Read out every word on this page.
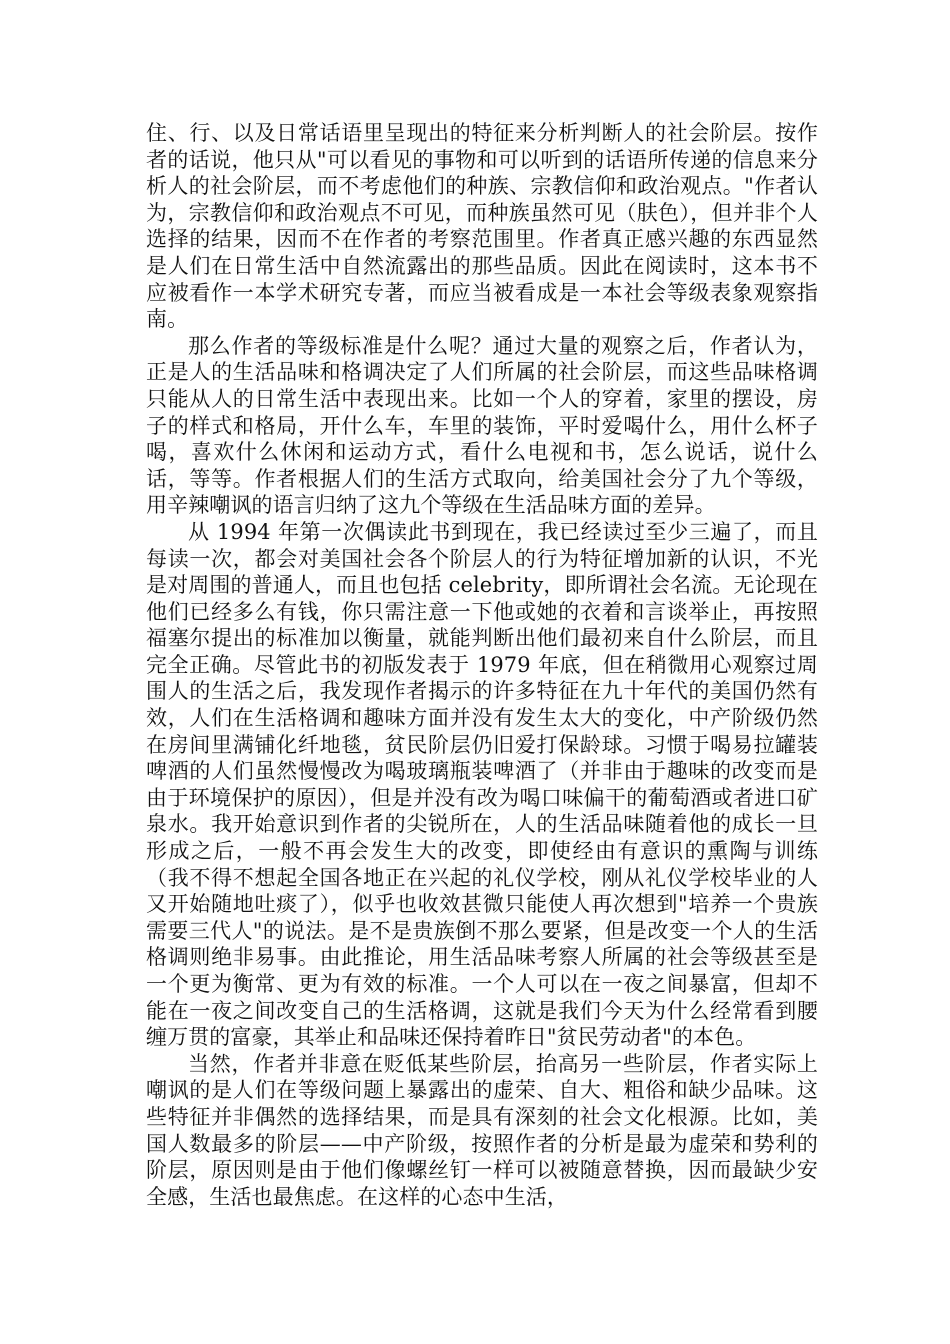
住、行、以及日常话语里呈现出的特征来分析判断人的社会阶层。按作者的话说，他只从"可以看见的事物和可以听到的话语所传递的信息来分析人的社会阶层，而不考虑他们的种族、宗教信仰和政治观点。"作者认为，宗教信仰和政治观点不可见，而种族虽然可见（肤色），但并非个人选择的结果，因而不在作者的考察范围里。作者真正感兴趣的东西显然是人们在日常生活中自然流露出的那些品质。因此在阅读时，这本书不应被看作一本学术研究专著，而应当被看成是一本社会等级表象观察指南。

那么作者的等级标准是什么呢？通过大量的观察之后，作者认为，正是人的生活品味和格调决定了人们所属的社会阶层，而这些品味格调只能从人的日常生活中表现出来。比如一个人的穿着，家里的摆设，房子的样式和格局，开什么车，车里的装饰，平时爱喝什么，用什么杯子喝，喜欢什么休闲和运动方式，看什么电视和书，怎么说话，说什么话，等等。作者根据人们的生活方式取向，给美国社会分了九个等级，用辛辣嘲讽的语言归纳了这九个等级在生活品味方面的差异。

从 1994 年第一次偶读此书到现在，我已经读过至少三遍了，而且每读一次，都会对美国社会各个阶层人的行为特征增加新的认识，不光是对周围的普通人，而且也包括 celebrity，即所谓社会名流。无论现在他们已经多么有钱，你只需注意一下他或她的衣着和言谈举止，再按照福塞尔提出的标准加以衡量，就能判断出他们最初来自什么阶层，而且完全正确。尽管此书的初版发表于 1979 年底，但在稍微用心观察过周围人的生活之后，我发现作者揭示的许多特征在九十年代的美国仍然有效，人们在生活格调和趣味方面并没有发生太大的变化，中产阶级仍然在房间里满铺化纤地毯，贫民阶层仍旧爱打保龄球。习惯于喝易拉罐装啤酒的人们虽然慢慢改为喝玻璃瓶装啤酒了（并非由于趣味的改变而是由于环境保护的原因），但是并没有改为喝口味偏干的葡萄酒或者进口矿泉水。我开始意识到作者的尖锐所在，人的生活品味随着他的成长一旦形成之后，一般不再会发生大的改变，即使经由有意识的熏陶与训练（我不得不想起全国各地正在兴起的礼仪学校，刚从礼仪学校毕业的人又开始随地吐痰了），似乎也收效甚微只能使人再次想到"培养一个贵族需要三代人"的说法。是不是贵族倒不那么要紧，但是改变一个人的生活格调则绝非易事。由此推论，用生活品味考察人所属的社会等级甚至是一个更为衡常、更为有效的标准。一个人可以在一夜之间暴富，但却不能在一夜之间改变自己的生活格调，这就是我们今天为什么经常看到腰缠万贯的富豪，其举止和品味还保持着昨日"贫民劳动者"的本色。

当然，作者并非意在贬低某些阶层，抬高另一些阶层，作者实际上嘲讽的是人们在等级问题上暴露出的虚荣、自大、粗俗和缺少品味。这些特征并非偶然的选择结果，而是具有深刻的社会文化根源。比如，美国人数最多的阶层——中产阶级，按照作者的分析是最为虚荣和势利的阶层，原因则是由于他们像螺丝钉一样可以被随意替换，因而最缺少安全感，生活也最焦虑。在这样的心态中生活，
